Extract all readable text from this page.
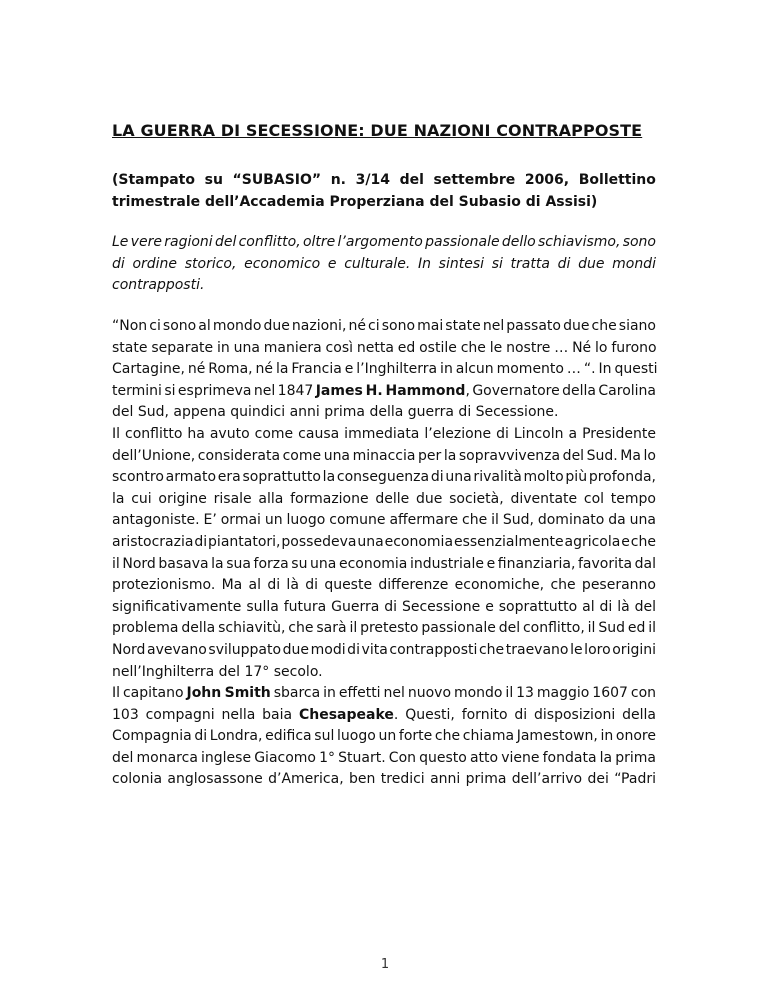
LA GUERRA DI SECESSIONE: DUE NAZIONI CONTRAPPOSTE
(Stampato su “SUBASIO” n. 3/14 del settembre 2006, Bollettino
trimestrale dell’Accademia Properziana del Subasio di Assisi)
Le vere ragioni del conflitto, oltre l’argomento passionale dello schiavismo, sono
di ordine storico, economico e culturale. In sintesi si tratta di due mondi
contrapposti.
“Non ci sono al mondo due nazioni, né ci sono mai state nel passato due che siano
state separate in una maniera così netta ed ostile che le nostre … Né lo furono
Cartagine, né Roma, né la Francia e l’Inghilterra in alcun momento … “. In questi
termini si esprimeva nel 1847 James H. Hammond, Governatore della Carolina
del Sud, appena quindici anni prima della guerra di Secessione.
Il conflitto ha avuto come causa immediata l’elezione di Lincoln a Presidente
dell’Unione, considerata come una minaccia per la sopravvivenza del Sud. Ma lo
scontro armato era soprattutto la conseguenza di una rivalità molto più profonda,
la cui origine risale alla formazione delle due società, diventate col tempo
antagoniste. E’ ormai un luogo comune affermare che il Sud, dominato da una
aristocrazia di piantatori, possedeva una economia essenzialmente agricola e che
il Nord basava la sua forza su una economia industriale e finanziaria, favorita dal
protezionismo. Ma al di là di queste differenze economiche, che peseranno
significativamente sulla futura Guerra di Secessione e soprattutto al di là del
problema della schiavitù, che sarà il pretesto passionale del conflitto, il Sud ed il
Nord avevano sviluppato due modi di vita contrapposti che traevano le loro origini
nell’Inghilterra del 17° secolo.
Il capitano John Smith sbarca in effetti nel nuovo mondo il 13 maggio 1607 con
103 compagni nella baia Chesapeake. Questi, fornito di disposizioni della
Compagnia di Londra, edifica sul luogo un forte che chiama Jamestown, in onore
del monarca inglese Giacomo 1° Stuart. Con questo atto viene fondata la prima
colonia anglosassone d’America, ben tredici anni prima dell’arrivo dei “Padri
1
